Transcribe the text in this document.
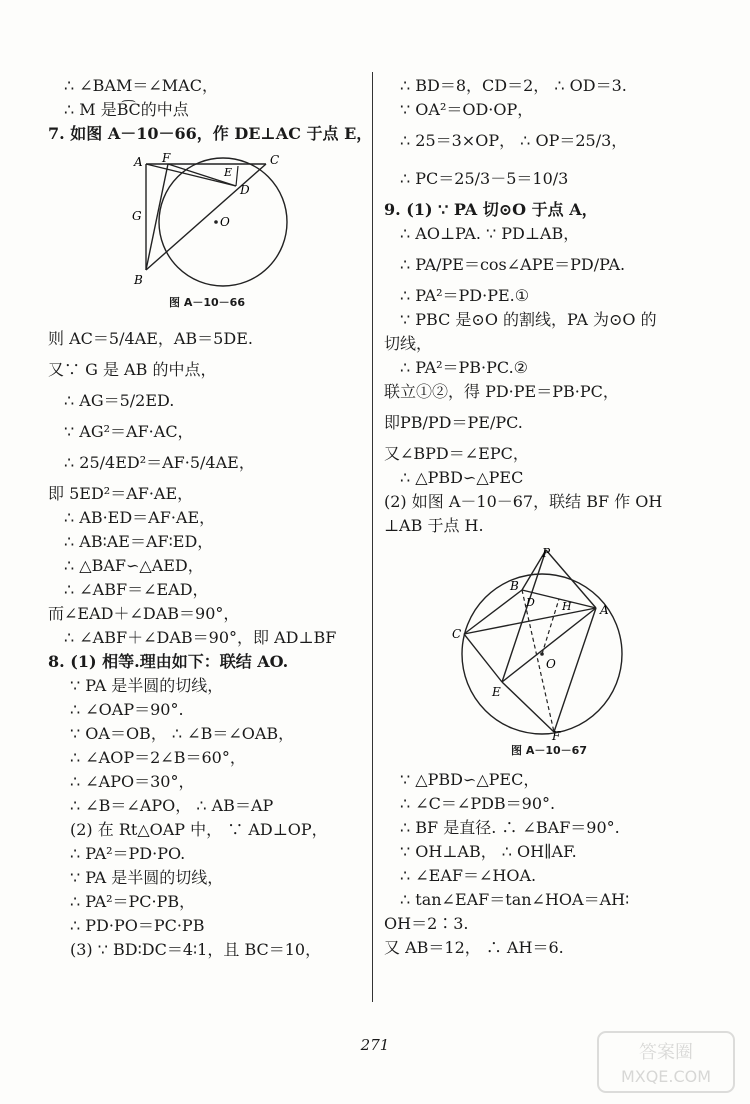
∴ ∠BAM＝∠MAC，
∴ M 是B͡C的中点
7. 如图 A－10－66，作 DE⊥AC 于点 E，
A F
E
C
D
G	O
B
图 A－10－66
则 AC＝5/4AE，AB＝5DE.
又∵ G 是 AB 的中点，
∴ AG＝5/2ED.
∵ AG²＝AF·AC，
∴ 25/4ED²＝AF·5/4AE，
即 5ED²＝AF·AE，
∴ AB·ED＝AF·AE，
∴ AB∶AE＝AF∶ED，
∴ △BAF∽△AED，
∴ ∠ABF＝∠EAD，
而∠EAD＋∠DAB＝90°，
∴ ∠ABF＋∠DAB＝90°，即 AD⊥BF
8. (1) 相等.理由如下：联结 AO.
∵ PA 是半圆的切线，
∴ ∠OAP＝90°.
∵ OA＝OB， ∴ ∠B＝∠OAB，
∴ ∠AOP＝2∠B＝60°，
∴ ∠APO＝30°，
∴ ∠B＝∠APO， ∴ AB＝AP
(2) 在 Rt△OAP 中， ∵ AD⊥OP，
∴ PA²＝PD·PO.
∵ PA 是半圆的切线，
∴ PA²＝PC·PB，
∴ PD·PO＝PC·PB
(3) ∵ BD∶DC＝4∶1，且 BC＝10，
∴ BD＝8，CD＝2， ∴ OD＝3.
∵ OA²＝OD·OP，
∴ 25＝3×OP， ∴ OP＝25/3，
∴ PC＝25/3－5＝10/3
9. (1) ∵ PA 切⊙O 于点 A，
∴ AO⊥PA. ∵ PD⊥AB，
∴ PA/PE＝cos∠APE＝PD/PA.
∴ PA²＝PD·PE.①
∵ PBC 是⊙O 的割线，PA 为⊙O 的
切线，
∴ PA²＝PB·PC.②
联立①②，得 PD·PE＝PB·PC，
即PB/PD＝PE/PC.
又∠BPD＝∠EPC，
∴ △PBD∽△PEC
(2) 如图 A－10－67，联结 BF 作 OH
⊥AB 于点 H.
P
B
D H A
C
O
E
F
图 A－10－67
∵ △PBD∽△PEC，
∴ ∠C＝∠PDB＝90°.
∴ BF 是直径. ∴ ∠BAF＝90°.
∵ OH⊥AB， ∴ OH∥AF.
∴ ∠EAF＝∠HOA.
∴ tan∠EAF＝tan∠HOA＝AH∶
OH＝2∶3.
又 AB＝12， ∴ AH＝6.
271	答案圈
MXQE.COM
